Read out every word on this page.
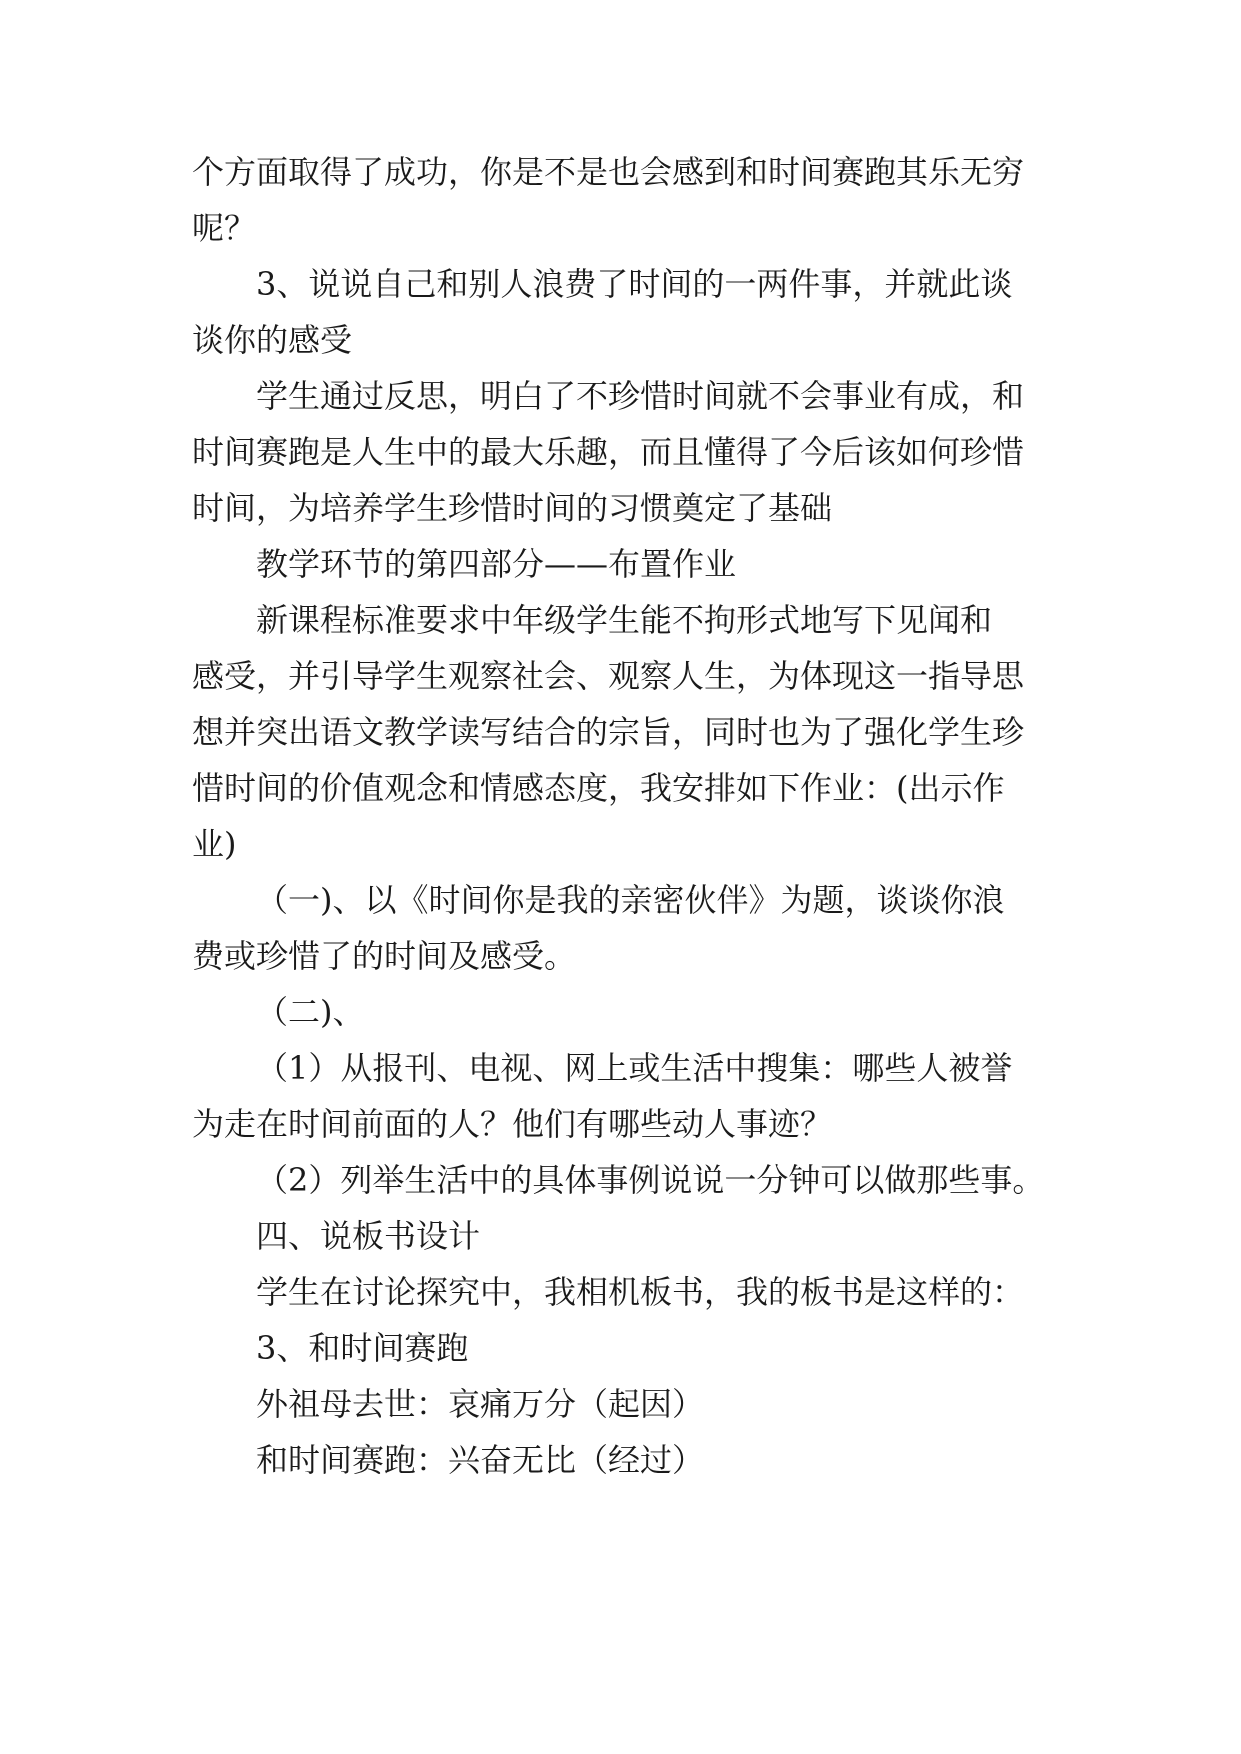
个方面取得了成功，你是不是也会感到和时间赛跑其乐无穷
呢？
3、说说自己和别人浪费了时间的一两件事，并就此谈
谈你的感受
学生通过反思，明白了不珍惜时间就不会事业有成，和
时间赛跑是人生中的最大乐趣，而且懂得了今后该如何珍惜
时间，为培养学生珍惜时间的习惯奠定了基础
教学环节的第四部分——布置作业
新课程标准要求中年级学生能不拘形式地写下见闻和
感受，并引导学生观察社会、观察人生，为体现这一指导思
想并突出语文教学读写结合的宗旨，同时也为了强化学生珍
惜时间的价值观念和情感态度，我安排如下作业：(出示作
业)
（一)、以《时间你是我的亲密伙伴》为题，谈谈你浪
费或珍惜了的时间及感受。
（二)、
（1）从报刊、电视、网上或生活中搜集：哪些人被誉
为走在时间前面的人？他们有哪些动人事迹？
（2）列举生活中的具体事例说说一分钟可以做那些事。
四、说板书设计
学生在讨论探究中，我相机板书，我的板书是这样的：
3、和时间赛跑
外祖母去世：哀痛万分（起因）
和时间赛跑：兴奋无比（经过）
